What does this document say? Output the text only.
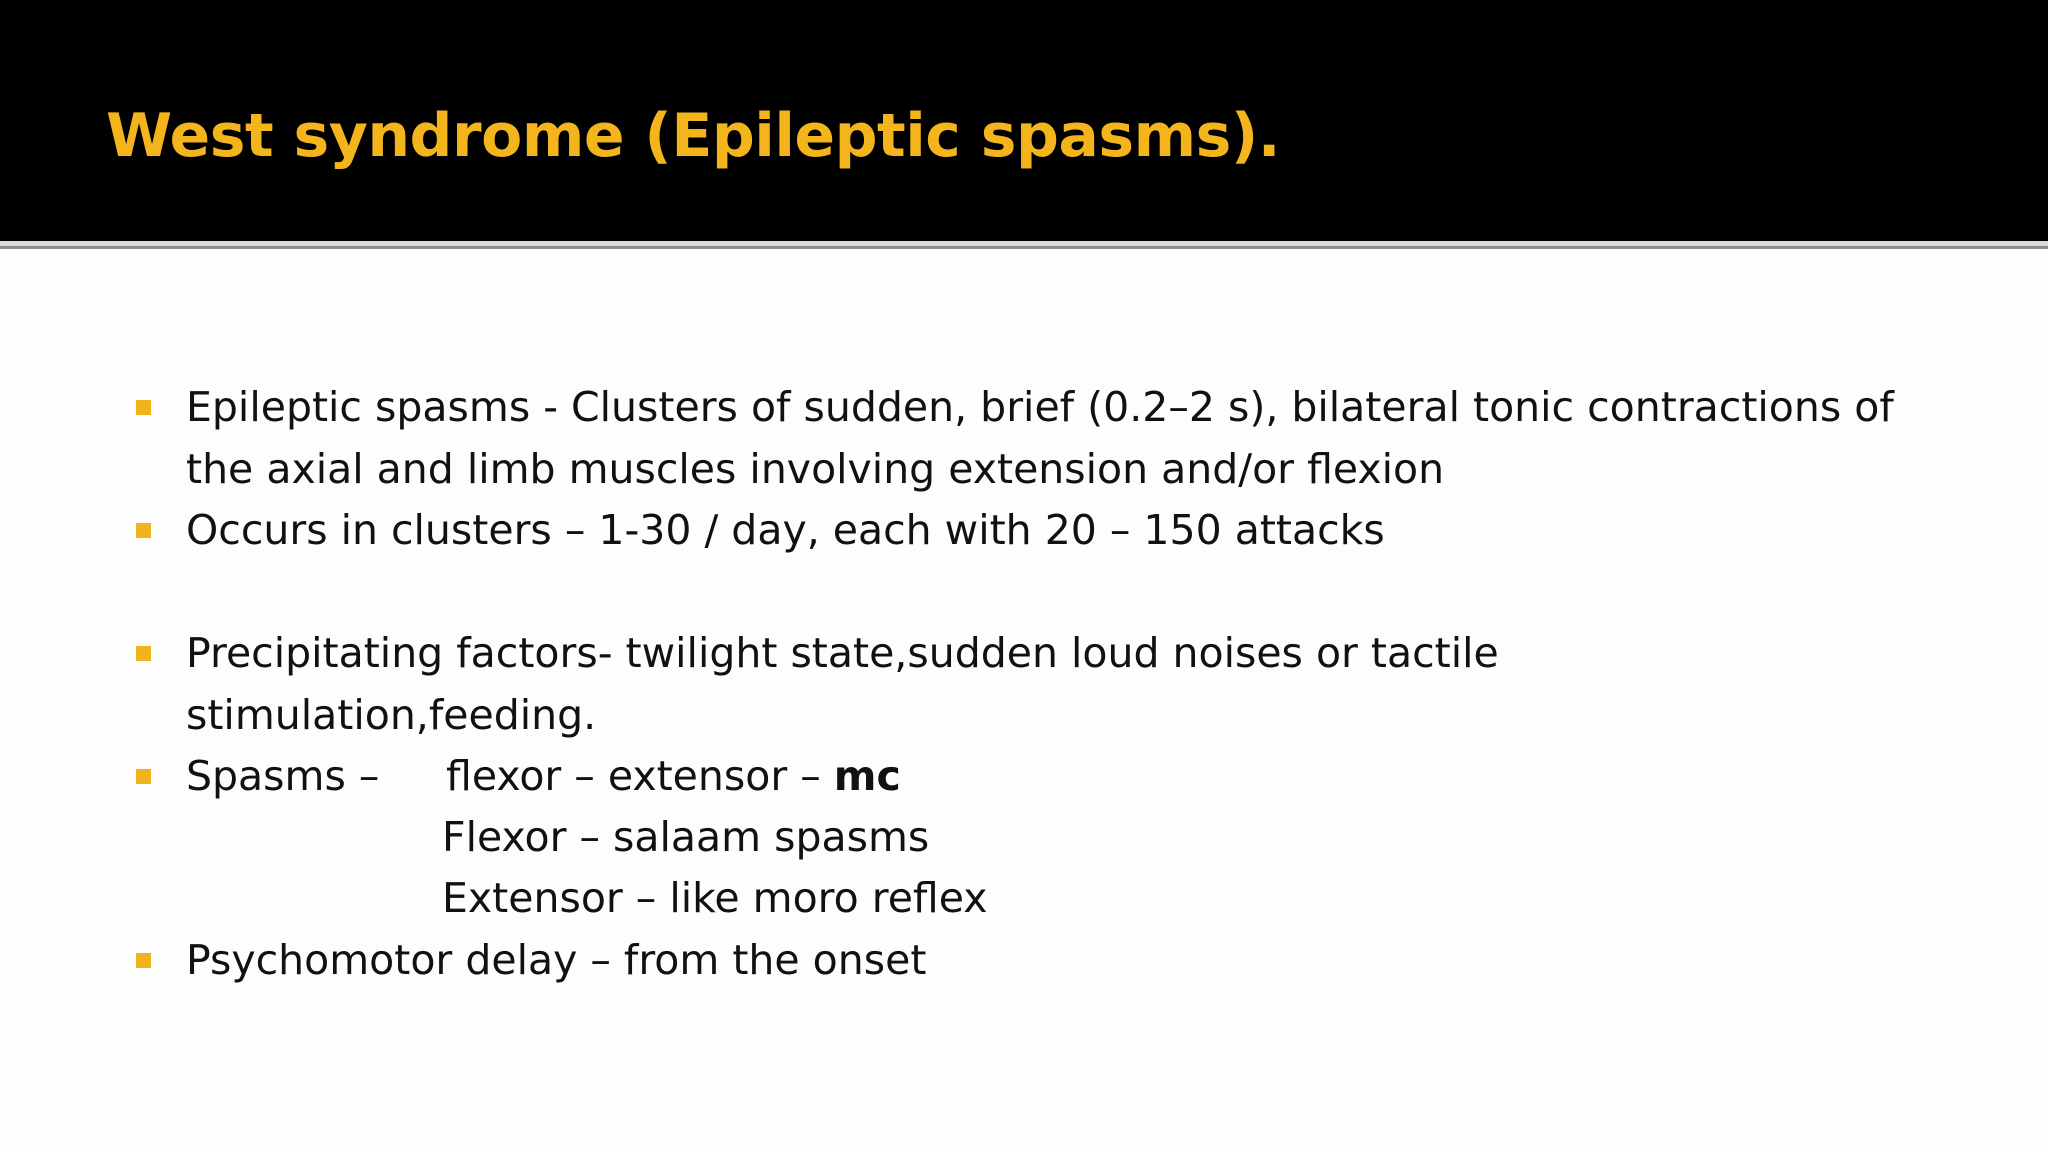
West syndrome (Epileptic spasms).
Epileptic spasms - Clusters of sudden, brief (0.2–2 s), bilateral tonic contractions of
the axial and limb muscles involving extension and/or flexion
Occurs in clusters – 1-30 / day, each with 20 – 150 attacks
Precipitating factors- twilight state,sudden loud noises or tactile
stimulation,feeding.
Spasms – flexor – extensor – mc
Flexor – salaam spasms
Extensor – like moro reflex
Psychomotor delay – from the onset
